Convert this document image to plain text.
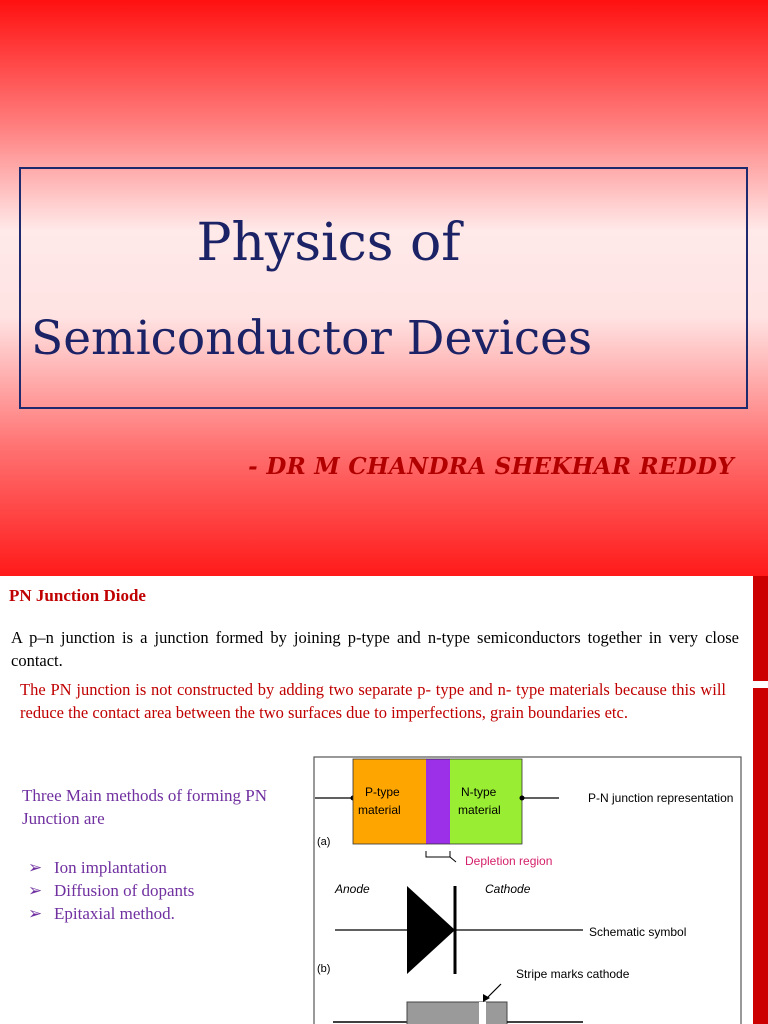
Physics of
Semiconductor Devices
- DR M CHANDRA SHEKHAR REDDY
PN Junction Diode
A p–n junction is a junction formed by joining p-type and n-type semiconductors together in very close contact.
The PN junction is not constructed by adding two separate p- type and n- type materials because this will reduce the contact area between the two surfaces due to imperfections, grain boundaries etc.
Three Main methods of forming PN Junction are
➢ Ion implantation
➢ Diffusion of dopants
➢ Epitaxial method.
P-type
material
N-type
material
P-N junction representation
(a)
Depletion region
Anode	Cathode
Schematic symbol
(b)	Stripe marks cathode
